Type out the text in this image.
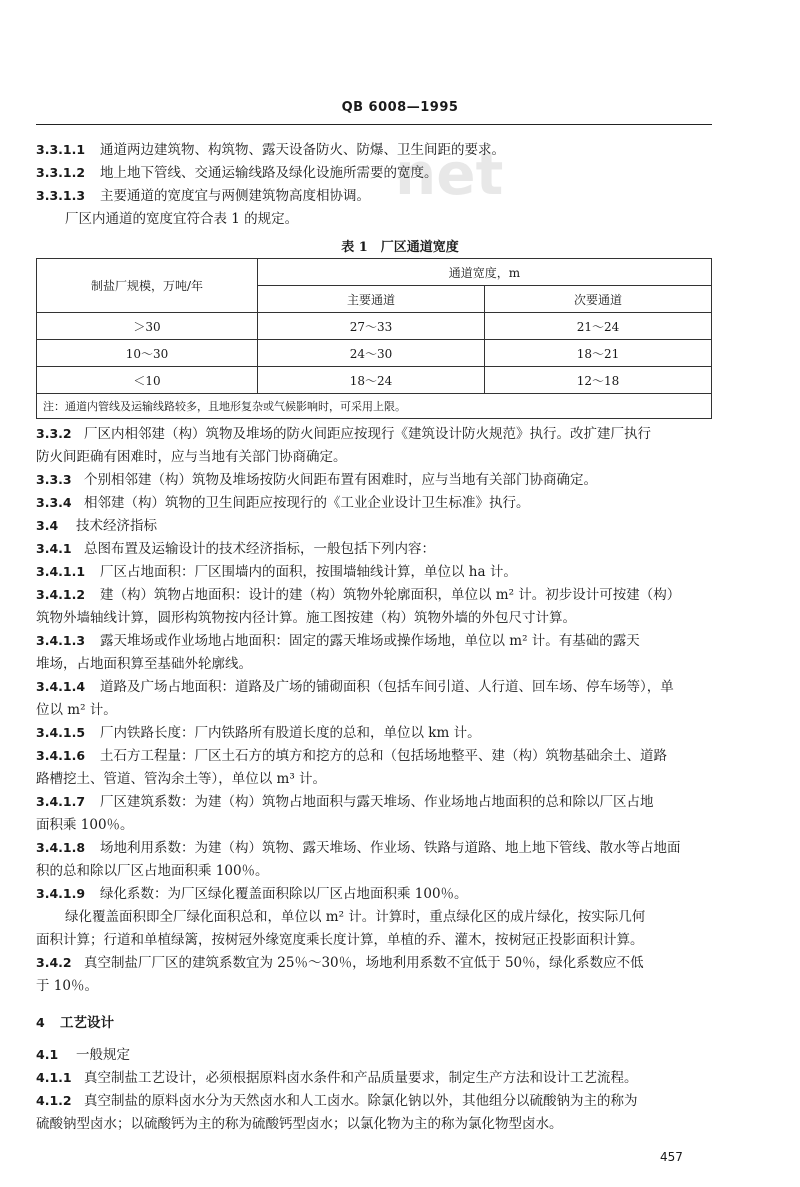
net
QB 6008—1995
3.3.1.1 通道两边建筑物、构筑物、露天设备防火、防爆、卫生间距的要求。
3.3.1.2 地上地下管线、交通运输线路及绿化设施所需要的宽度。
3.3.1.3 主要通道的宽度宜与两侧建筑物高度相协调。
厂区内通道的宽度宜符合表 1 的规定。
表 1　厂区通道宽度
制盐厂规模，万吨/年	通道宽度，m	
	主要通道	次要通道
＞30	27～33	21～24
10～30	24～30	18～21
＜10	18～24	12～18
注：通道内管线及运输线路较多，且地形复杂或气候影响时，可采用上限。		
3.3.2 厂区内相邻建（构）筑物及堆场的防火间距应按现行《建筑设计防火规范》执行。改扩建厂执行
防火间距确有困难时，应与当地有关部门协商确定。
3.3.3 个别相邻建（构）筑物及堆场按防火间距布置有困难时，应与当地有关部门协商确定。
3.3.4 相邻建（构）筑物的卫生间距应按现行的《工业企业设计卫生标准》执行。
3.4 技术经济指标
3.4.1 总图布置及运输设计的技术经济指标，一般包括下列内容：
3.4.1.1 厂区占地面积：厂区围墙内的面积，按围墙轴线计算，单位以 ha 计。
3.4.1.2 建（构）筑物占地面积：设计的建（构）筑物外轮廓面积，单位以 m² 计。初步设计可按建（构）
筑物外墙轴线计算，圆形构筑物按内径计算。施工图按建（构）筑物外墙的外包尺寸计算。
3.4.1.3 露天堆场或作业场地占地面积：固定的露天堆场或操作场地，单位以 m² 计。有基础的露天
堆场，占地面积算至基础外轮廓线。
3.4.1.4 道路及广场占地面积：道路及广场的铺砌面积（包括车间引道、人行道、回车场、停车场等），单
位以 m² 计。
3.4.1.5 厂内铁路长度：厂内铁路所有股道长度的总和，单位以 km 计。
3.4.1.6 土石方工程量：厂区土石方的填方和挖方的总和（包括场地整平、建（构）筑物基础余土、道路
路槽挖土、管道、管沟余土等），单位以 m³ 计。
3.4.1.7 厂区建筑系数：为建（构）筑物占地面积与露天堆场、作业场地占地面积的总和除以厂区占地
面积乘 100％。
3.4.1.8 场地利用系数：为建（构）筑物、露天堆场、作业场、铁路与道路、地上地下管线、散水等占地面
积的总和除以厂区占地面积乘 100％。
3.4.1.9 绿化系数：为厂区绿化覆盖面积除以厂区占地面积乘 100％。
绿化覆盖面积即全厂绿化面积总和，单位以 m² 计。计算时，重点绿化区的成片绿化，按实际几何
面积计算；行道和单植绿篱，按树冠外缘宽度乘长度计算，单植的乔、灌木，按树冠正投影面积计算。
3.4.2 真空制盐厂厂区的建筑系数宜为 25％～30％，场地利用系数不宜低于 50％，绿化系数应不低
于 10％。
4 工艺设计
4.1 一般规定
4.1.1 真空制盐工艺设计，必须根据原料卤水条件和产品质量要求，制定生产方法和设计工艺流程。
4.1.2 真空制盐的原料卤水分为天然卤水和人工卤水。除氯化钠以外，其他组分以硫酸钠为主的称为
硫酸钠型卤水；以硫酸钙为主的称为硫酸钙型卤水；以氯化物为主的称为氯化物型卤水。
457
